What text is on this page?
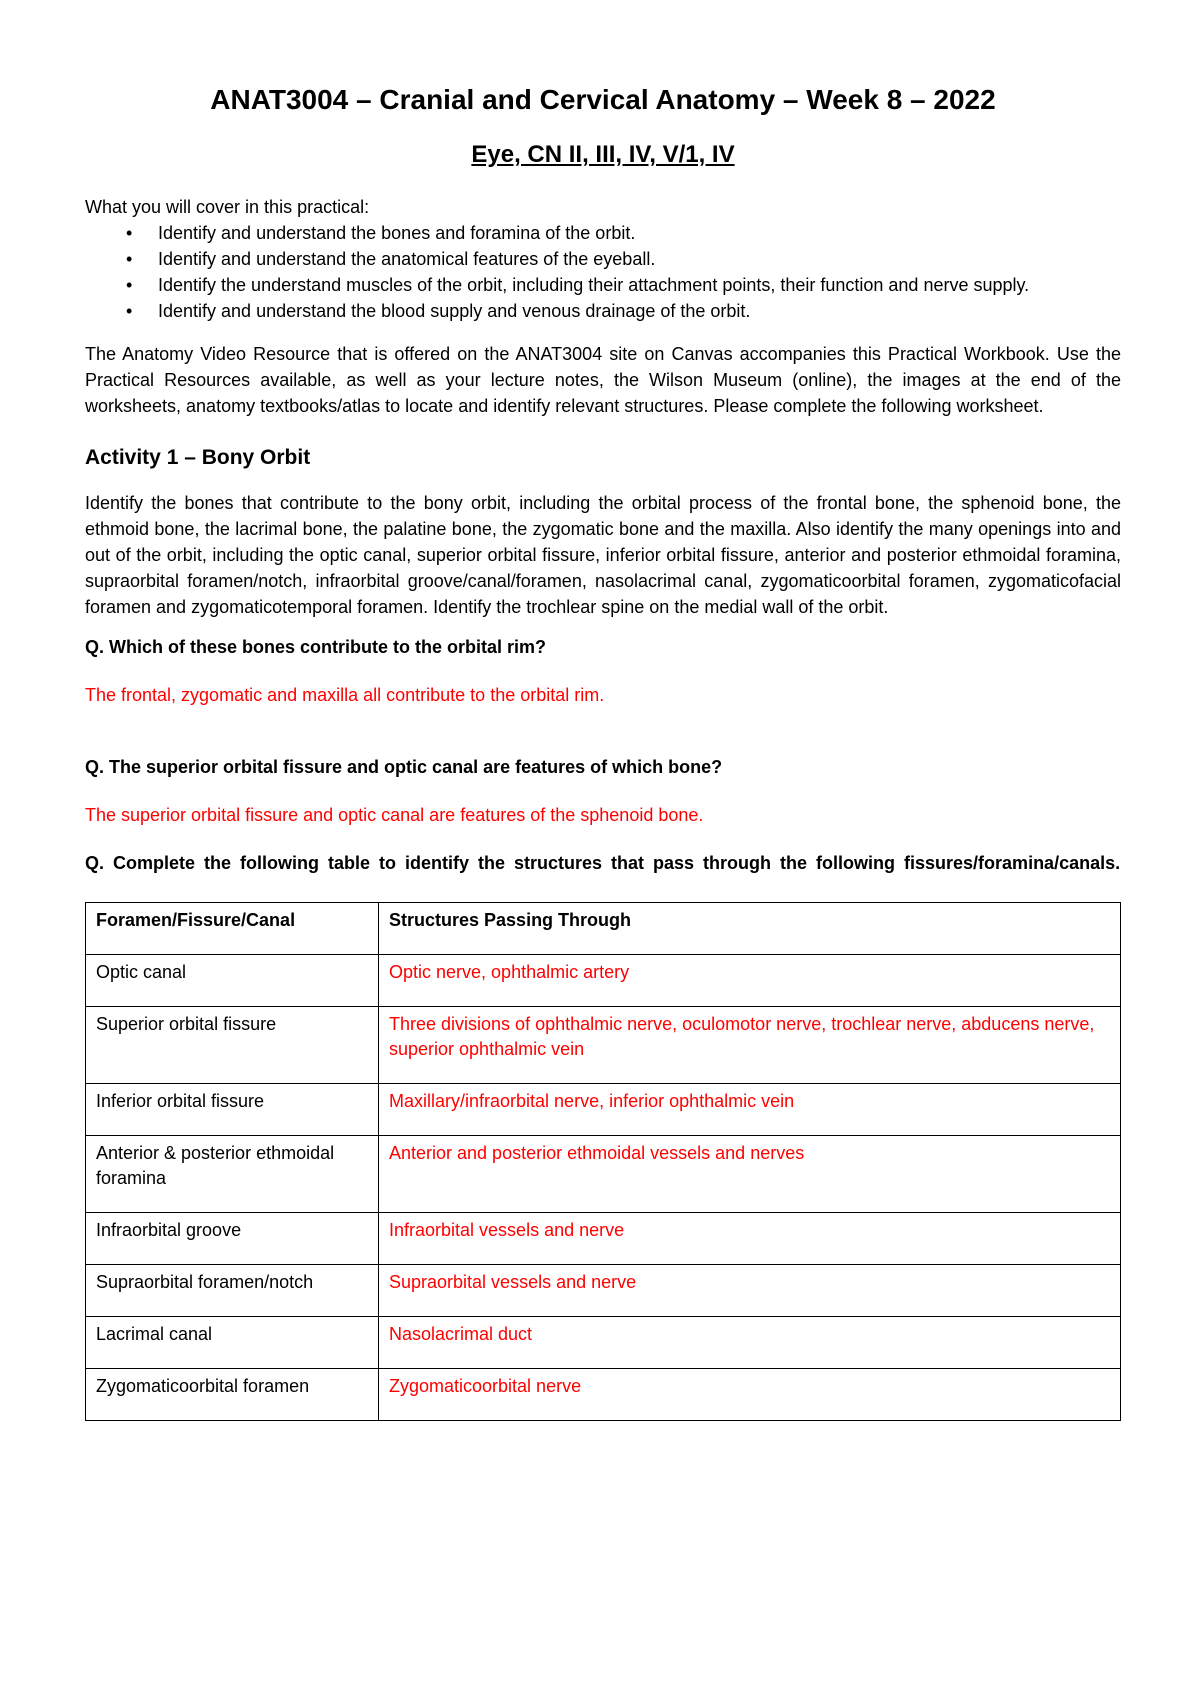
ANAT3004 – Cranial and Cervical Anatomy – Week 8 – 2022
Eye, CN II, III, IV, V/1, IV

What you will cover in this practical:

• Identify and understand the bones and foramina of the orbit.
• Identify and understand the anatomical features of the eyeball.
• Identify the understand muscles of the orbit, including their attachment points, their function and nerve supply.
• Identify and understand the blood supply and venous drainage of the orbit.

The Anatomy Video Resource that is offered on the ANAT3004 site on Canvas accompanies this Practical Workbook. Use the Practical Resources available, as well as your lecture notes, the Wilson Museum (online), the images at the end of the worksheets, anatomy textbooks/atlas to locate and identify relevant structures. Please complete the following worksheet.

Activity 1 – Bony Orbit

Identify the bones that contribute to the bony orbit, including the orbital process of the frontal bone, the sphenoid bone, the ethmoid bone, the lacrimal bone, the palatine bone, the zygomatic bone and the maxilla. Also identify the many openings into and out of the orbit, including the optic canal, superior orbital fissure, inferior orbital fissure, anterior and posterior ethmoidal foramina, supraorbital foramen/notch, infraorbital groove/canal/foramen, nasolacrimal canal, zygomaticoorbital foramen, zygomaticofacial foramen and zygomaticotemporal foramen. Identify the trochlear spine on the medial wall of the orbit.

Q. Which of these bones contribute to the orbital rim?

The frontal, zygomatic and maxilla all contribute to the orbital rim.

Q. The superior orbital fissure and optic canal are features of which bone?

The superior orbital fissure and optic canal are features of the sphenoid bone.

Q. Complete the following table to identify the structures that pass through the following fissures/foramina/canals.

Foramen/Fissure/Canal	Structures Passing Through
Optic canal	Optic nerve, ophthalmic artery
Superior orbital fissure	Three divisions of ophthalmic nerve, oculomotor nerve, trochlear nerve, abducens nerve, superior ophthalmic vein
Inferior orbital fissure	Maxillary/infraorbital nerve, inferior ophthalmic vein
Anterior & posterior ethmoidal foramina	Anterior and posterior ethmoidal vessels and nerves
Infraorbital groove	Infraorbital vessels and nerve
Supraorbital foramen/notch	Supraorbital vessels and nerve
Lacrimal canal	Nasolacrimal duct
Zygomaticoorbital foramen	Zygomaticoorbital nerve
